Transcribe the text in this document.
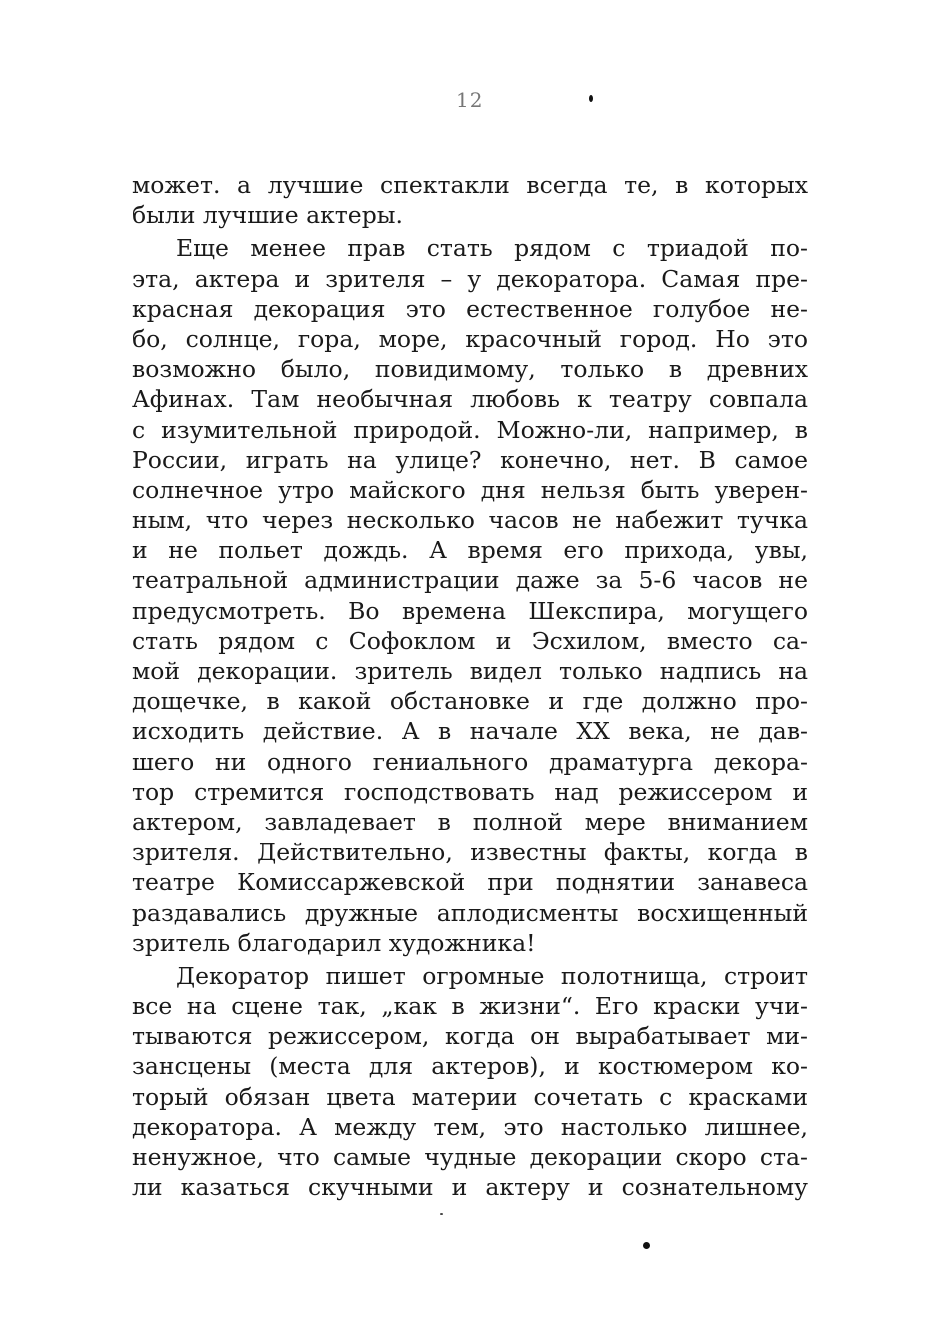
12
может. а лучшие спектакли всегда те, в которых
были лучшие актеры.
Еще менее прав стать рядом с триадой по-
эта, актера и зрителя – у декоратора. Самая пре-
красная декорация это естественное голубое не-
бо, солнце, гора, море, красочный город. Но это
возможно было, повидимому, только в древних
Афинах. Там необычная любовь к театру совпала
с изумительной природой. Можно-ли, например, в
России, играть на улице? конечно, нет. В самое
солнечное утро майского дня нельзя быть уверен-
ным, что через несколько часов не набежит тучка
и не польет дождь. А время его прихода, увы,
театральной администрации даже за 5-6 часов не
предусмотреть. Во времена Шекспира, могущего
стать рядом с Софоклом и Эсхилом, вместо са-
мой декорации. зритель видел только надпись на
дощечке, в какой обстановке и где должно про-
исходить действие. А в начале XX века, не дав-
шего ни одного гениального драматурга декора-
тор стремится господствовать над режиссером и
актером, завладевает в полной мере вниманием
зрителя. Действительно, известны факты, когда в
театре Комиссаржевской при поднятии занавеса
раздавались дружные аплодисменты восхищенный
зритель благодарил художника!
Декоратор пишет огромные полотнища, строит
все на сцене так, „как в жизни“. Его краски учи-
тываются режиссером, когда он вырабатывает ми-
зансцены (места для актеров), и костюмером ко-
торый обязан цвета материи сочетать с красками
декоратора. А между тем, это настолько лишнее,
ненужное, что самые чудные декорации скоро ста-
ли казаться скучными и актеру и сознательному
